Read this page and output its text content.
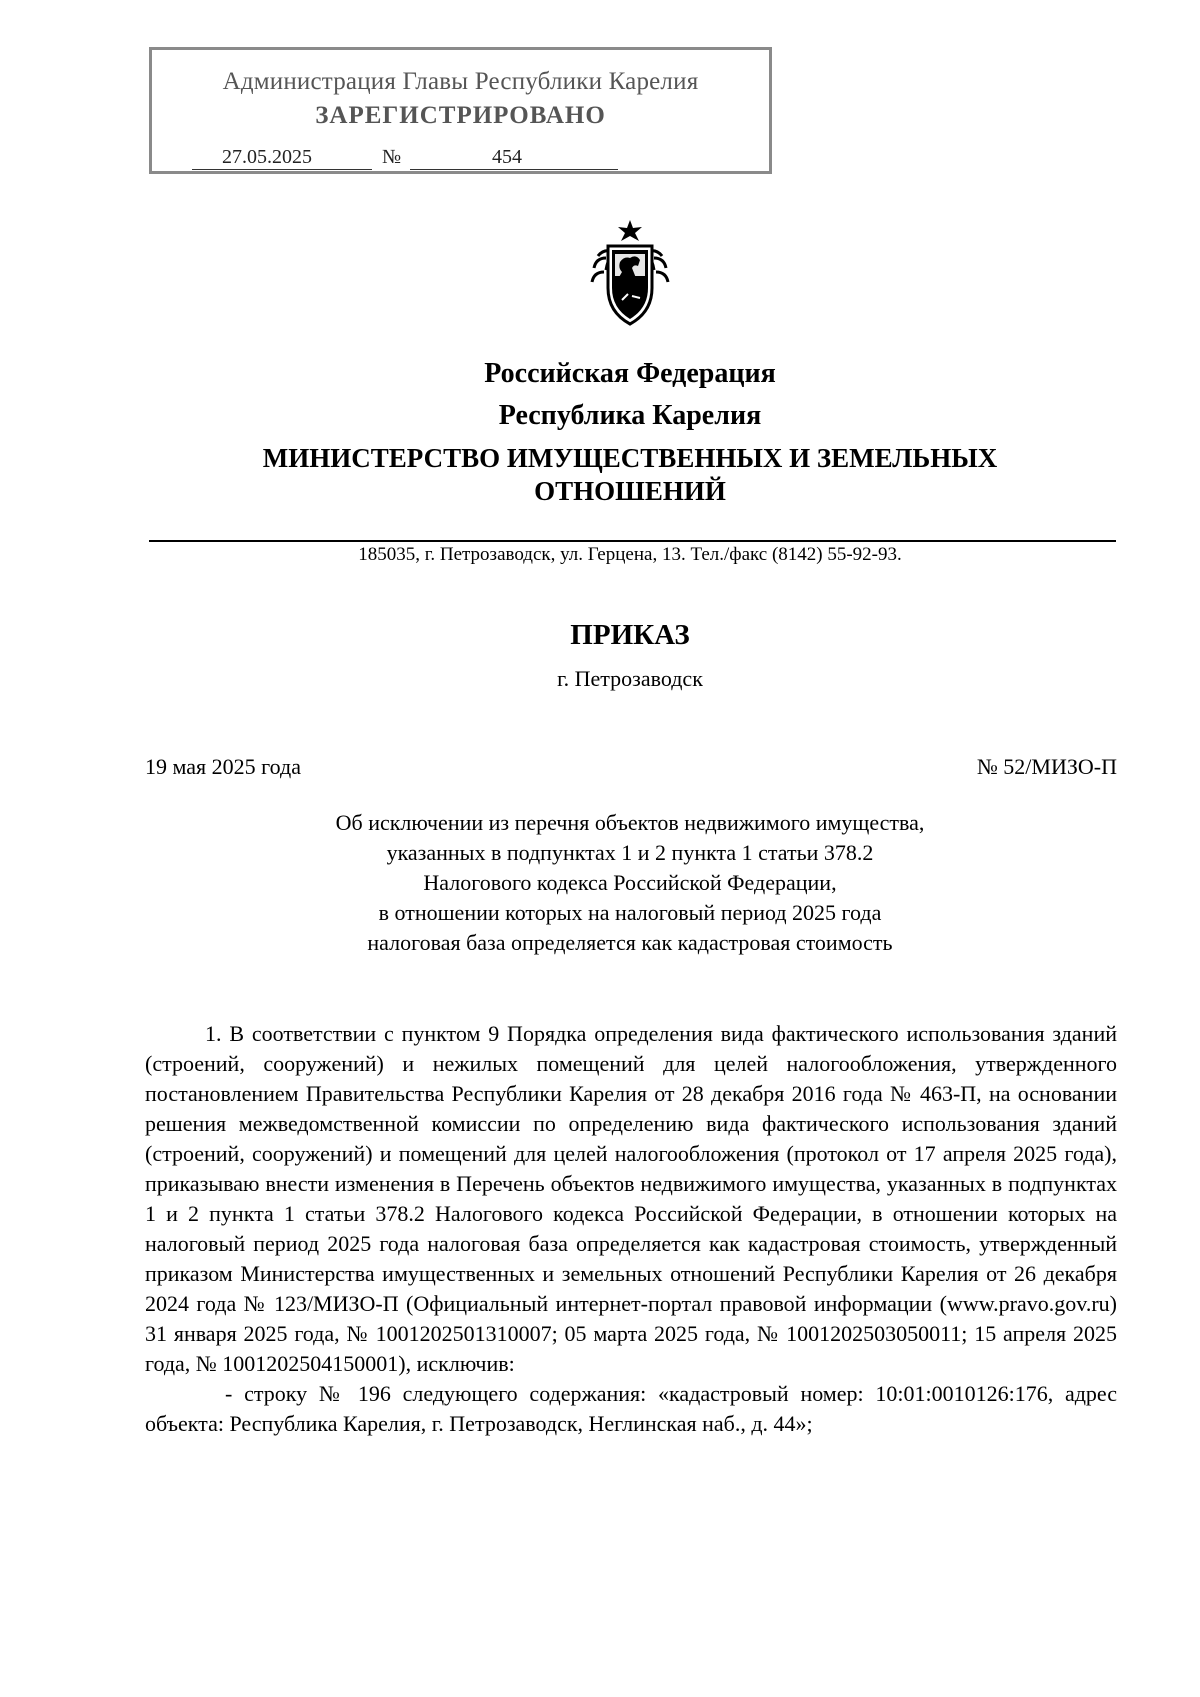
Администрация Главы Республики Карелия
ЗАРЕГИСТРИРОВАНО
27.05.2025	№	454
Российская Федерация
Республика Карелия
МИНИСТЕРСТВО ИМУЩЕСТВЕННЫХ И ЗЕМЕЛЬНЫХ
ОТНОШЕНИЙ
185035, г. Петрозаводск, ул. Герцена, 13. Тел./факс (8142) 55-92-93.
ПРИКАЗ
г. Петрозаводск
19 мая 2025 года	№ 52/МИЗО-П
Об исключении из перечня объектов недвижимого имущества,
указанных в подпунктах 1 и 2 пункта 1 статьи 378.2
Налогового кодекса Российской Федерации,
в отношении которых на налоговый период 2025 года
налоговая база определяется как кадастровая стоимость

1. В соответствии с пунктом 9 Порядка определения вида фактического использования зданий (строений, сооружений) и нежилых помещений для целей налогообложения, утвержденного постановлением Правительства Республики Карелия от 28 декабря 2016 года № 463-П, на основании решения межведомственной комиссии по определению вида фактического использования зданий (строений, сооружений) и помещений для целей налогообложения (протокол от 17 апреля 2025 года), приказываю внести изменения в Перечень объектов недвижимого имущества, указанных в подпунктах 1 и 2 пункта 1 статьи 378.2 Налогового кодекса Российской Федерации, в отношении которых на налоговый период 2025 года налоговая база определяется как кадастровая стоимость, утвержденный приказом Министерства имущественных и земельных отношений Республики Карелия от 26 декабря 2024 года № 123/МИЗО-П (Официальный интернет-портал правовой информации (www.pravo.gov.ru) 31 января 2025 года, № 1001202501310007; 05 марта 2025 года, № 1001202503050011; 15 апреля 2025 года, № 1001202504150001), исключив:

- строку № 196 следующего содержания: «кадастровый номер: 10:01:0010126:176, адрес объекта: Республика Карелия, г. Петрозаводск, Неглинская наб., д. 44»;
